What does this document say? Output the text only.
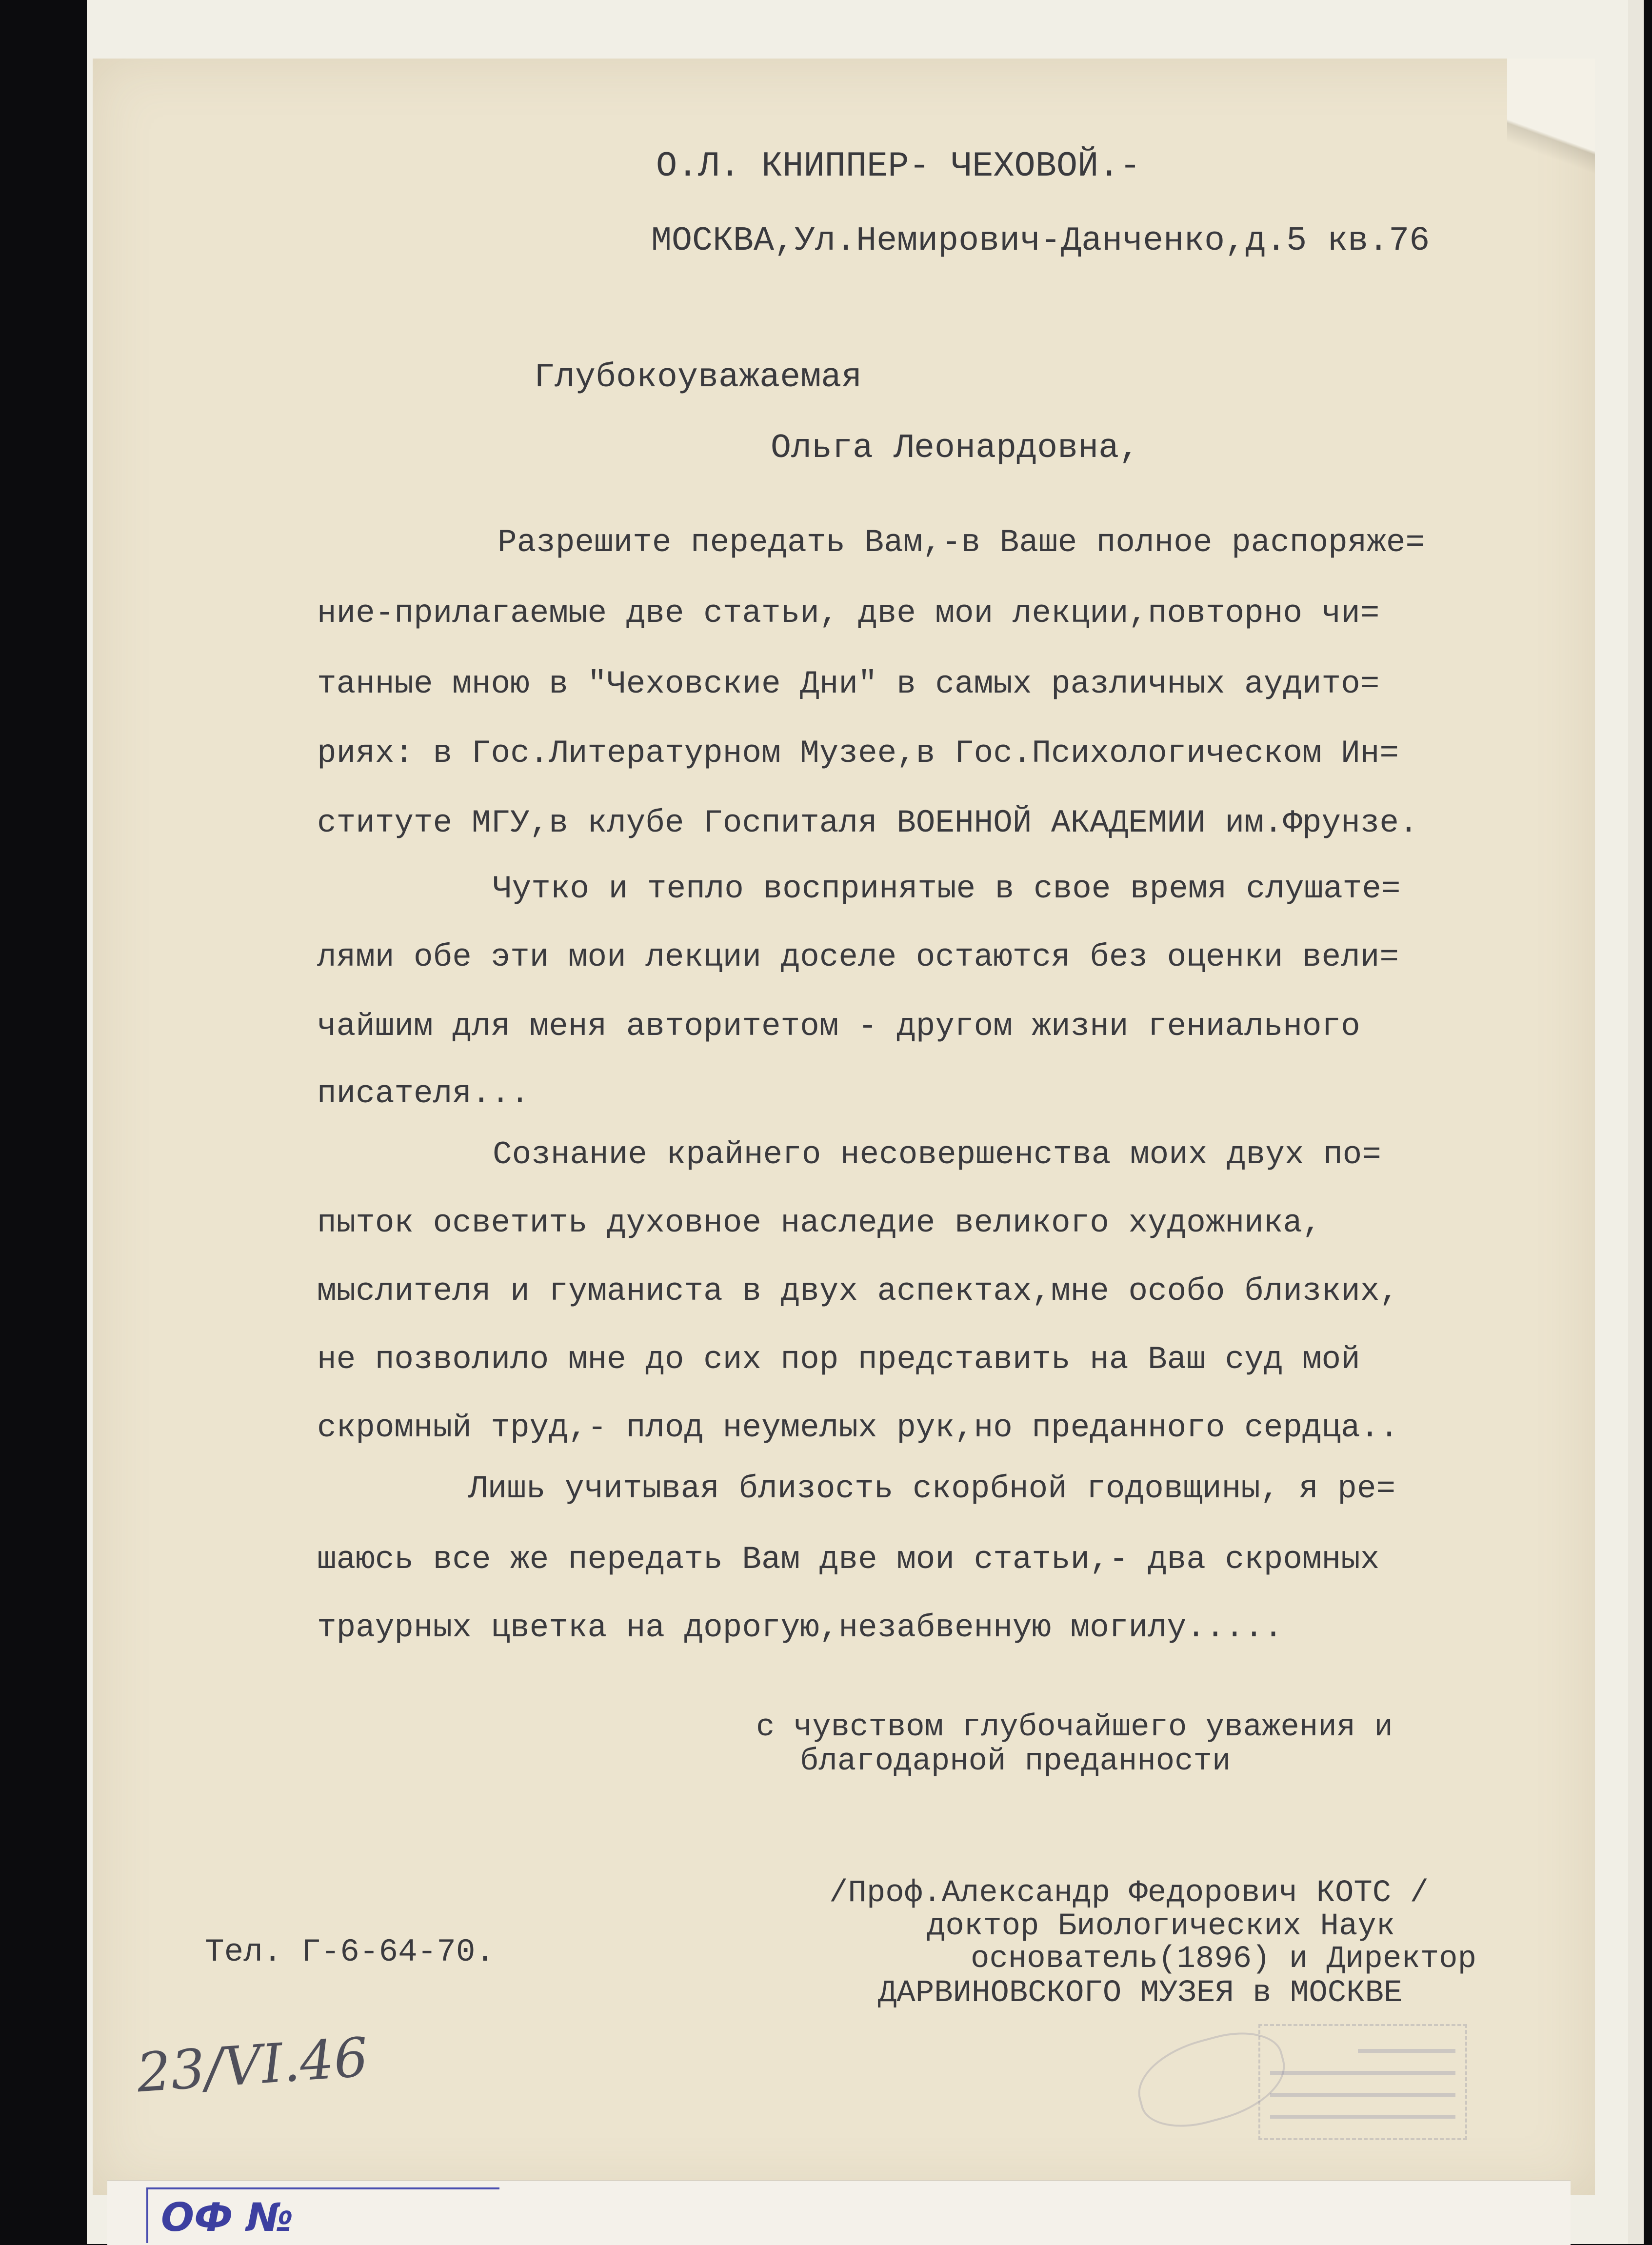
О.Л. КНИППЕР- ЧЕХОВОЙ.-
МОСКВА,Ул.Немирович-Данченко,д.5 кв.76
Глубокоуважаемая
Ольга Леонардовна,
Разрешите передать Вам,-в Ваше полное распоряже=
ние-прилагаемые две статьи, две мои лекции,повторно чи=
танные мною в "Чеховские Дни" в самых различных аудито=
риях: в Гос.Литературном Музее,в Гос.Психологическом Ин=
ституте МГУ,в клубе Госпиталя ВОЕННОЙ АКАДЕМИИ им.Фрунзе.
Чутко и тепло воспринятые в свое время слушате=
лями обе эти мои лекции доселе остаются без оценки вели=
чайшим для меня авторитетом - другом жизни гениального
писателя...
Сознание крайнего несовершенства моих двух по=
пыток осветить духовное наследие великого художника,
мыслителя и гуманиста в двух аспектах,мне особо близких,
не позволило мне до сих пор представить на Ваш суд мой
скромный труд,- плод неумелых рук,но преданного сердца..
Лишь учитывая близость скорбной годовщины, я ре=
шаюсь все же передать Вам две мои статьи,- два скромных
траурных цветка на дорогую,незабвенную могилу.....
с чувством глубочайшего уважения и
благодарной преданности
/Проф.Александр Федорович КОТС /
доктор Биологических Наук
основатель(1896) и Директор
ДАРВИНОВСКОГО МУЗЕЯ в МОСКВЕ
Тел. Г-6-64-70.
23/VI.46
ОФ №
